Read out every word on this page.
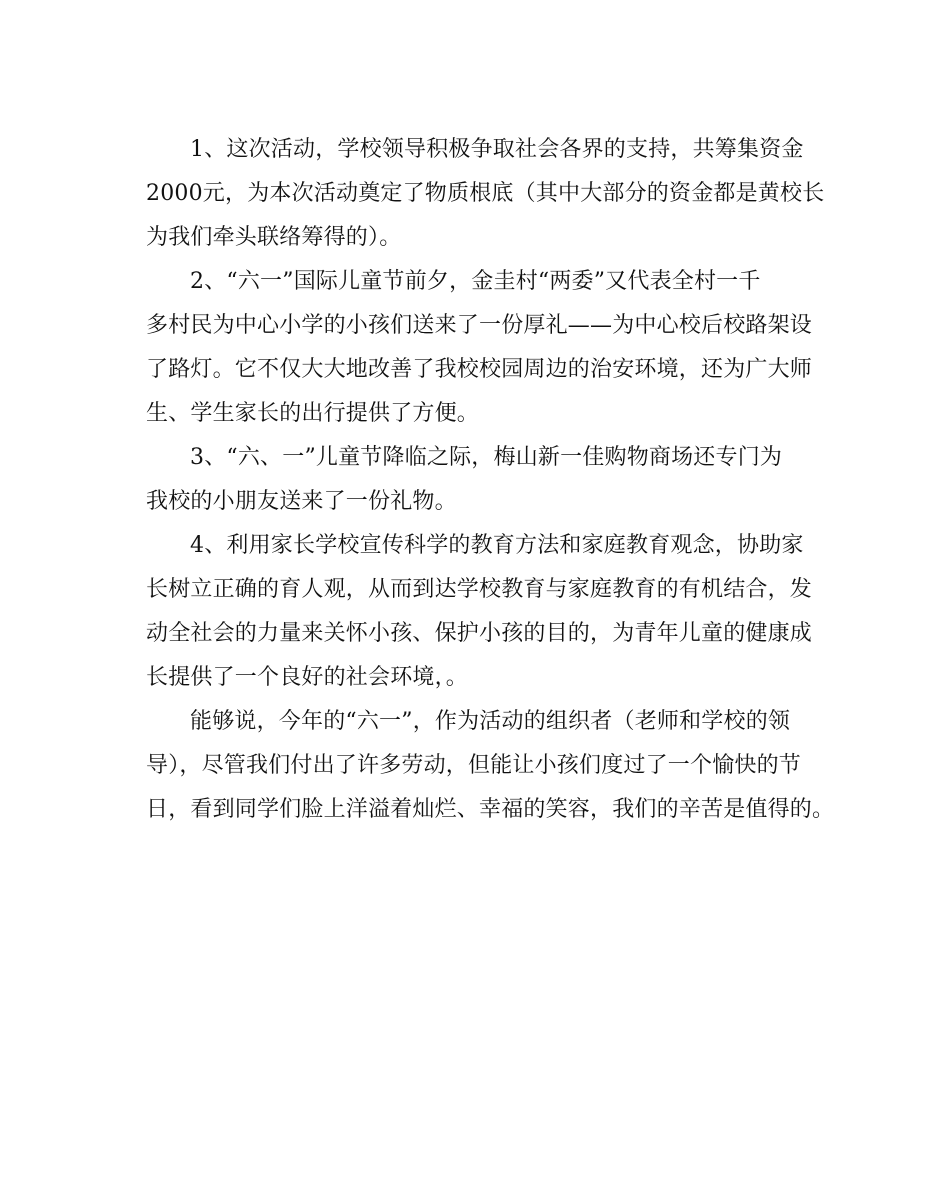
1、这次活动，学校领导积极争取社会各界的支持，共筹集资金
2000元，为本次活动奠定了物质根底（其中大部分的资金都是黄校长
为我们牵头联络筹得的）。
2、“六一”国际儿童节前夕，金圭村“两委”又代表全村一千
多村民为中心小学的小孩们送来了一份厚礼——为中心校后校路架设
了路灯。它不仅大大地改善了我校校园周边的治安环境，还为广大师
生、学生家长的出行提供了方便。
3、“六、一”儿童节降临之际，梅山新一佳购物商场还专门为
我校的小朋友送来了一份礼物。
4、利用家长学校宣传科学的教育方法和家庭教育观念，协助家
长树立正确的育人观，从而到达学校教育与家庭教育的有机结合，发
动全社会的力量来关怀小孩、保护小孩的目的，为青年儿童的健康成
长提供了一个良好的社会环境，。
能够说，今年的“六一”，作为活动的组织者（老师和学校的领
导），尽管我们付出了许多劳动，但能让小孩们度过了一个愉快的节
日，看到同学们脸上洋溢着灿烂、幸福的笑容，我们的辛苦是值得的。
